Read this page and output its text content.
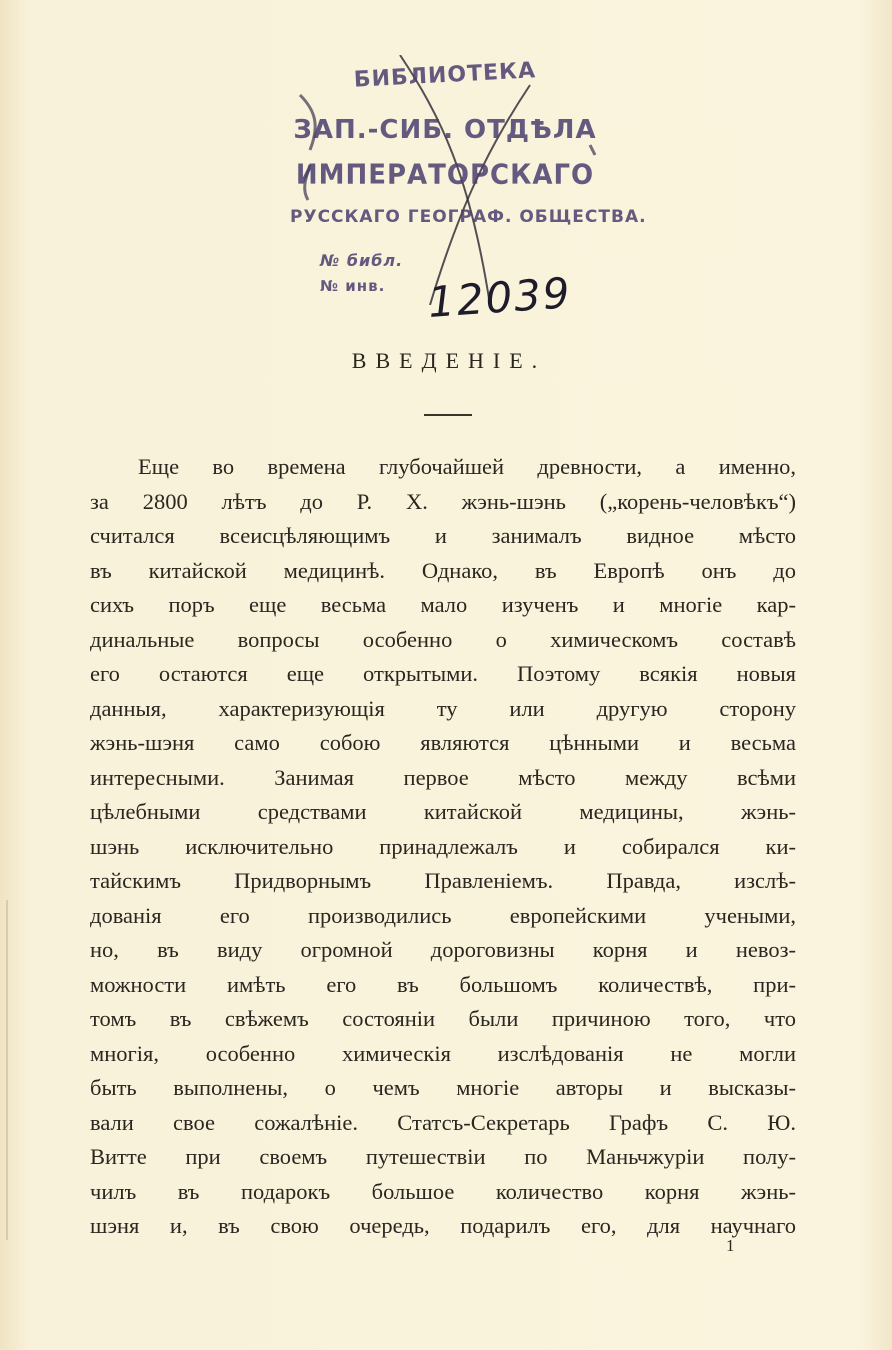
БИБЛИОТЕКА
ЗАП.-СИБ. ОТДѢЛА
ИМПЕРАТОРСКАГО
РУССКАГО ГЕОГРАФ. ОБЩЕСТВА.
№ библ.
№ инв. 12039
ВВЕДЕНІЕ.
Еще во времена глубочайшей древности, а именно,
за 2800 лѣтъ до Р. Х. жэнь-шэнь („корень-человѣкъ“)
считался всеисцѣляющимъ и занималъ видное мѣсто
въ китайской медицинѣ. Однако, въ Европѣ онъ до
сихъ поръ еще весьма мало изученъ и многіе кар-
динальные вопросы особенно о химическомъ составѣ
его остаются еще открытыми. Поэтому всякія новыя
данныя, характеризующія ту или другую сторону
жэнь-шэня само собою являются цѣнными и весьма
интересными. Занимая первое мѣсто между всѣми
цѣлебными средствами китайской медицины, жэнь-
шэнь исключительно принадлежалъ и собирался ки-
тайскимъ Придворнымъ Правленіемъ. Правда, изслѣ-
дованія его производились европейскими учеными,
но, въ виду огромной дороговизны корня и невоз-
можности имѣть его въ большомъ количествѣ, при-
томъ въ свѣжемъ состояніи были причиною того, что
многія, особенно химическія изслѣдованія не могли
быть выполнены, о чемъ многіе авторы и высказы-
вали свое сожалѣніе. Статсъ-Секретарь Графъ С. Ю.
Витте при своемъ путешествіи по Маньчжуріи полу-
чилъ въ подарокъ большое количество корня жэнь-
шэня и, въ свою очередь, подарилъ его, для научнаго
1
